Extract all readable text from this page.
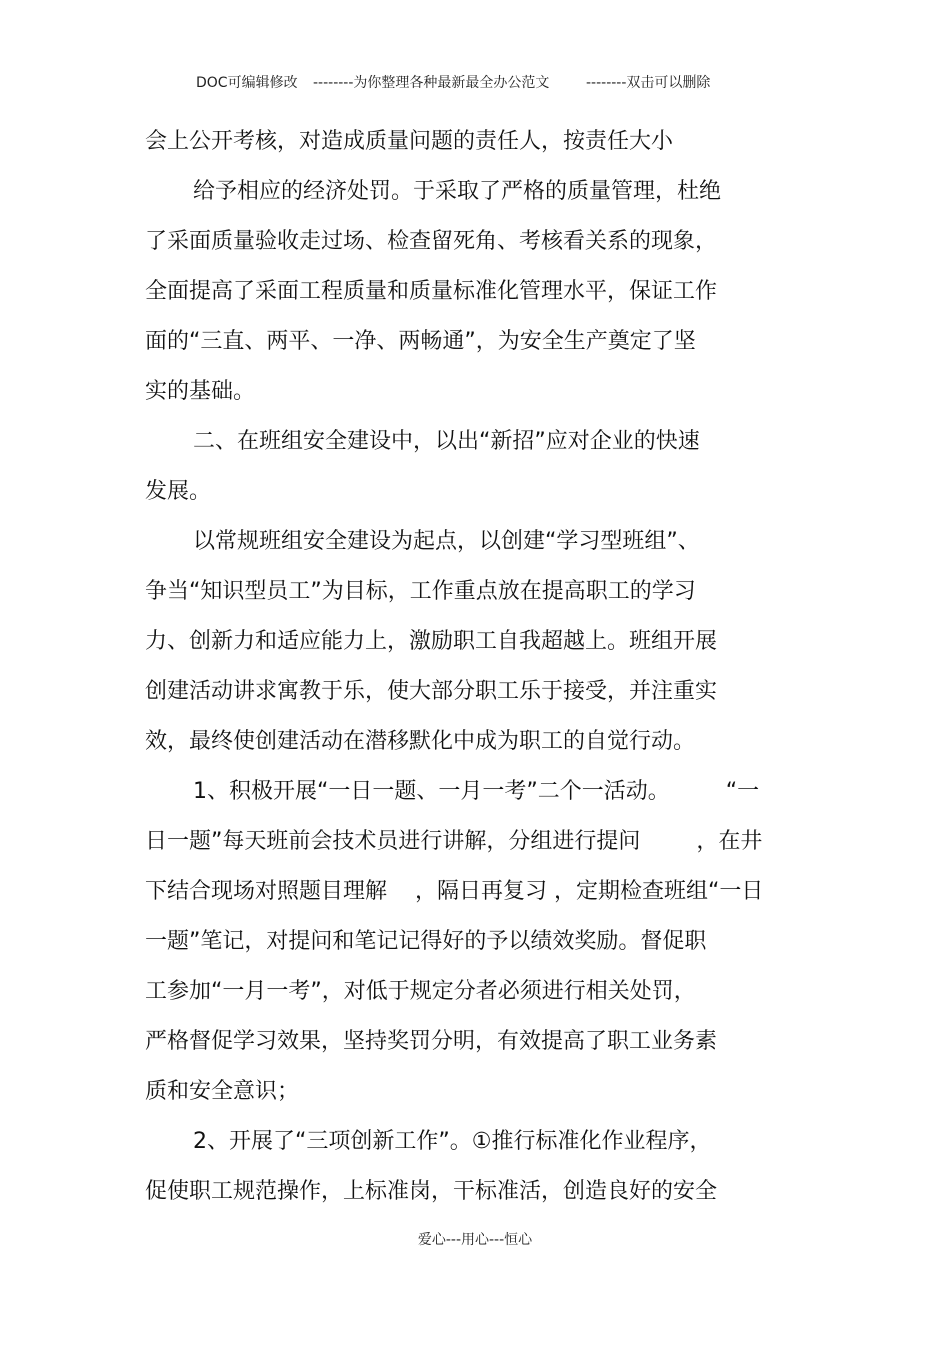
DOC可编辑修改 --------为你整理各种最新最全办公范文	--------双击可以删除
会上公开考核，对造成质量问题的责任人，按责任大小
给予相应的经济处罚。于采取了严格的质量管理，杜绝
了采面质量验收走过场、检查留死角、考核看关系的现象，
全面提高了采面工程质量和质量标准化管理水平，保证工作
面的“三直、两平、一净、两畅通”，为安全生产奠定了坚
实的基础。
二、在班组安全建设中，以出“新招”应对企业的快速
发展。
以常规班组安全建设为起点，以创建“学习型班组”、
争当“知识型员工”为目标，工作重点放在提高职工的学习
力、创新力和适应能力上，激励职工自我超越上。班组开展
创建活动讲求寓教于乐，使大部分职工乐于接受，并注重实
效，最终使创建活动在潜移默化中成为职工的自觉行动。
1、积极开展“一日一题、一月一考”二个一活动。        “一
日一题”每天班前会技术员进行讲解，分组进行提问        ，在井
下结合现场对照题目理解    ，隔日再复习 ，定期检查班组“一日
一题”笔记，对提问和笔记记得好的予以绩效奖励。督促职
工参加“一月一考”，对低于规定分者必须进行相关处罚，
严格督促学习效果，坚持奖罚分明，有效提高了职工业务素
质和安全意识；
2、开展了“三项创新工作”。①推行标准化作业程序，
促使职工规范操作，上标准岗，干标准活，创造良好的安全
爱心---用心---恒心
